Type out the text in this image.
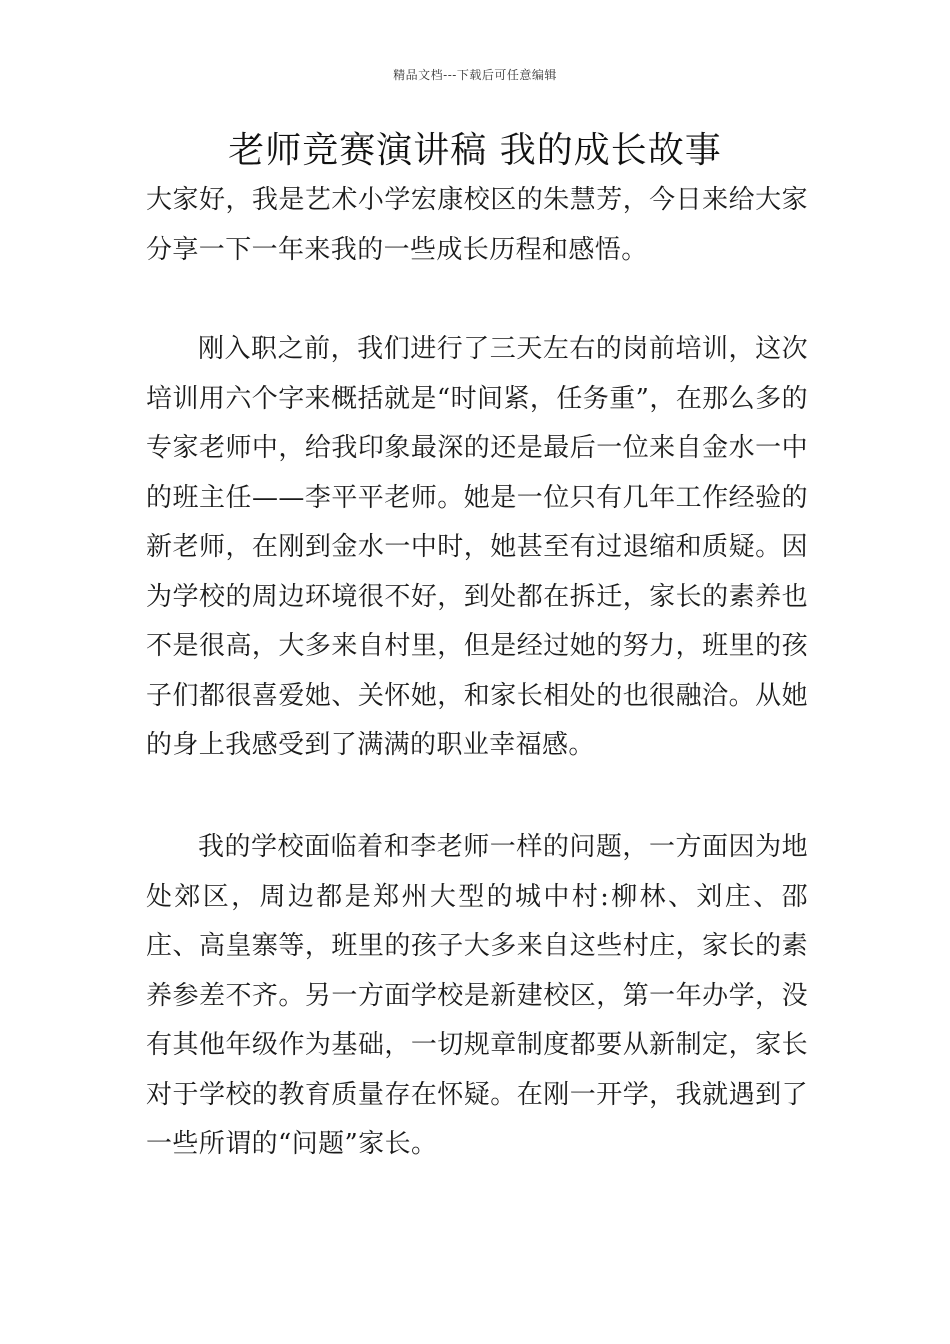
精品文档---下载后可任意编辑
老师竞赛演讲稿 我的成长故事
大家好，我是艺术小学宏康校区的朱慧芳，今日来给大家分享一下一年来我的一些成长历程和感悟。
刚入职之前，我们进行了三天左右的岗前培训，这次培训用六个字来概括就是“时间紧，任务重”，在那么多的专家老师中，给我印象最深的还是最后一位来自金水一中的班主任——李平平老师。她是一位只有几年工作经验的新老师，在刚到金水一中时，她甚至有过退缩和质疑。因为学校的周边环境很不好，到处都在拆迁，家长的素养也不是很高，大多来自村里，但是经过她的努力，班里的孩子们都很喜爱她、关怀她，和家长相处的也很融洽。从她的身上我感受到了满满的职业幸福感。
我的学校面临着和李老师一样的问题，一方面因为地处郊区，周边都是郑州大型的城中村:柳林、刘庄、邵庄、高皇寨等，班里的孩子大多来自这些村庄，家长的素养参差不齐。另一方面学校是新建校区，第一年办学，没有其他年级作为基础，一切规章制度都要从新制定，家长对于学校的教育质量存在怀疑。在刚一开学，我就遇到了一些所谓的“问题”家长。
